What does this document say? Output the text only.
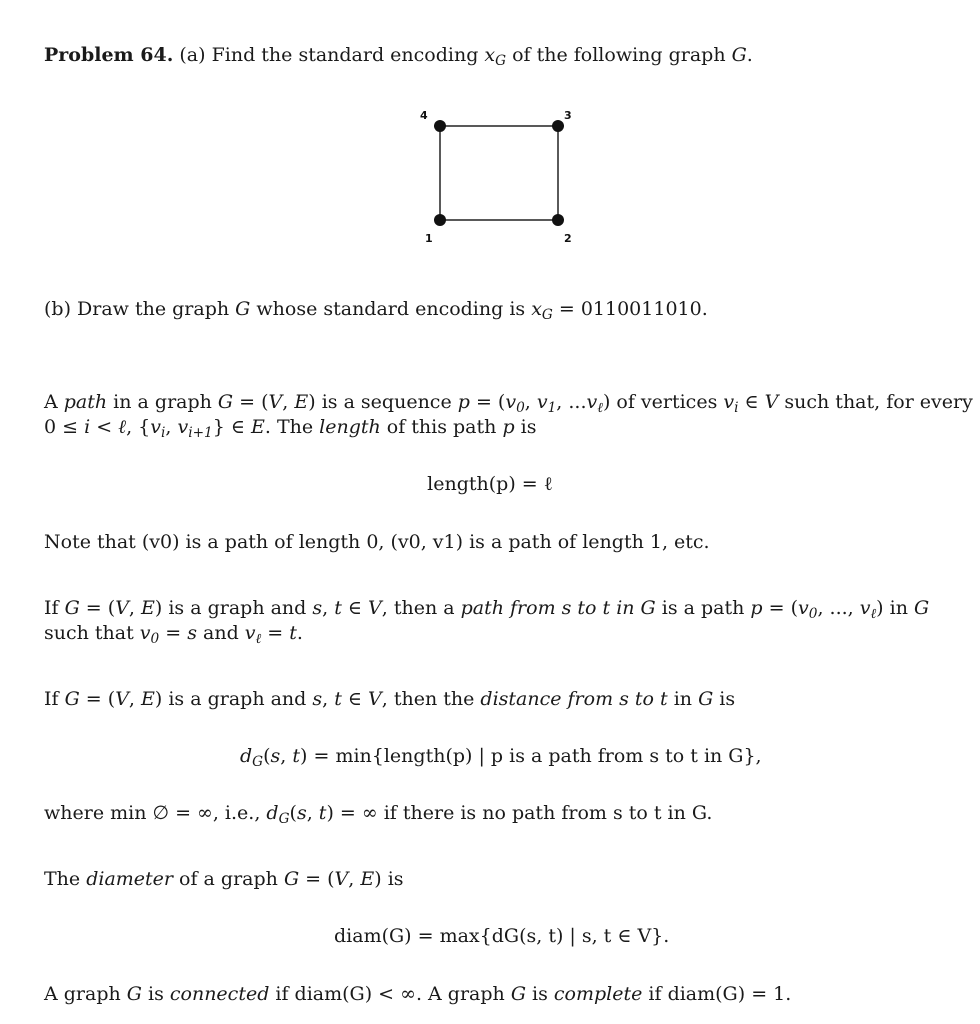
Problem 64. (a) Find the standard encoding $x_G$ of the following graph G.
4	3
2
1
(b) Draw the graph G whose standard encoding is $x_G = 0110011010$.
A path in a graph G = (V, E) is a sequence $p = (v_0$, $v_1$, $...v_\ell$) of vertices $v_i$ ∈ V such that, for every
0 ≤ i < ℓ, {$v_i$, $v_{i+1}$} ∈ E. The length of this path p is
length(p) = ℓ
Note that (v0) is a path of length 0, (v0, v1) is a path of length 1, etc.
If G = (V, E) is a graph and s, t ∈ V, then a path from s to t in G is a path $p = (v_0$, ..., $v_\ell$) in G
such that $v_0 = s$ and $v_\ell = t$.
If G = (V, E) is a graph and s, t ∈ V, then the distance from s to t in G is
$d_G(s$, t) = min{length(p) | p is a path from s to t in G},
where min ∅ = ∞, i.e., $d_G(s$, t) = ∞ if there is no path from s to t in G.
The diameter of a graph G = (V, E) is
diam(G) = max{dG(s, t) | s, t ∈ V}.
A graph G is connected if diam(G) < ∞. A graph G is complete if diam(G) = 1.
